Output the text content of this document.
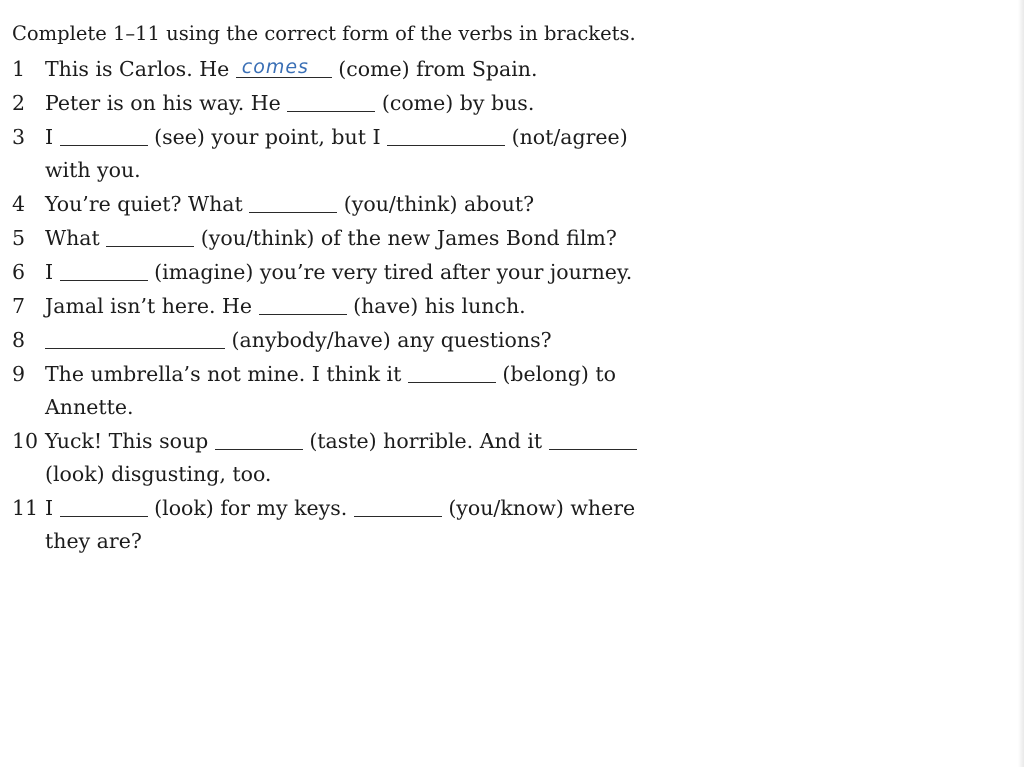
Complete 1–11 using the correct form of the verbs in brackets.

1 This is Carlos. He comes (come) from Spain.
2 Peter is on his way. He	(come) by bus.
3 I	(see) your point, but I	(not/agree)
with you.
4 You’re quiet? What	(you/think) about?
5 What	(you/think) of the new James Bond film?
6 I	(imagine) you’re very tired after your journey.
7 Jamal isn’t here. He	(have) his lunch.
8	(anybody/have) any questions?
9 The umbrella’s not mine. I think it	(belong) to
Annette.
10 Yuck! This soup	(taste) horrible. And it
(look) disgusting, too.
11 I	(look) for my keys.	(you/know) where
they are?
